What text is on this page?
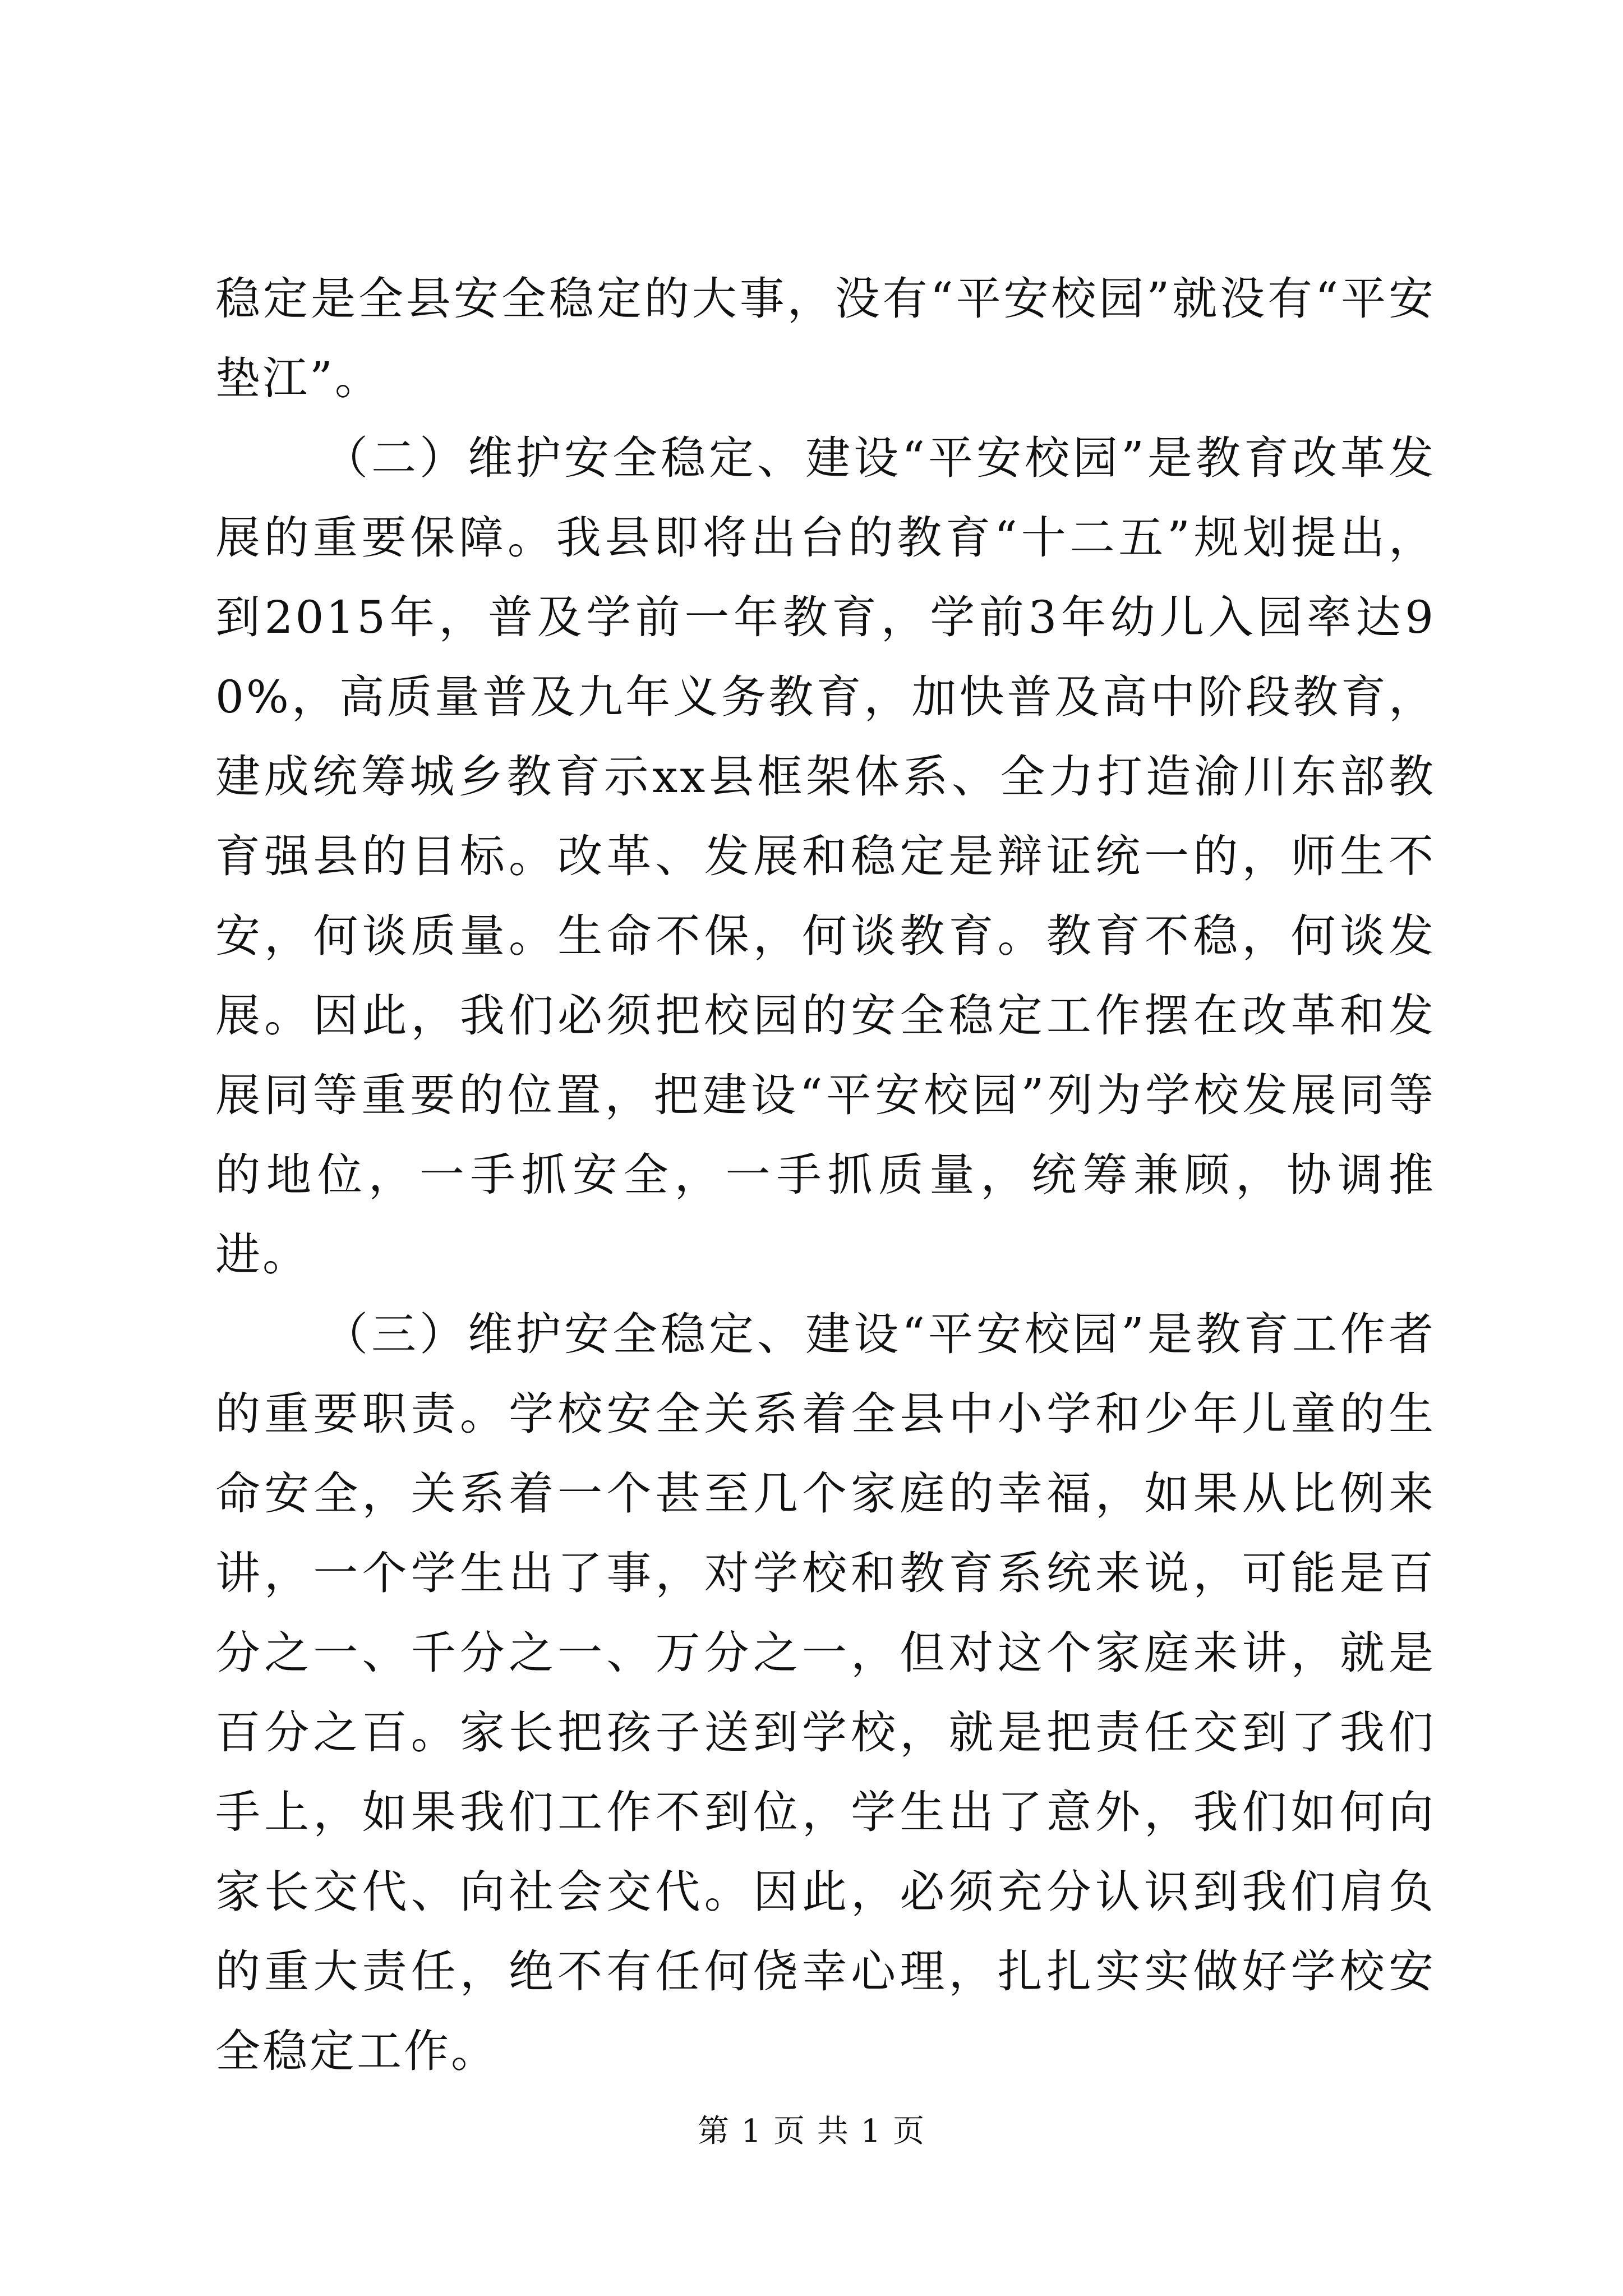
稳定是全县安全稳定的大事，没有“平安校园”就没有“平安垫江”。

（二）维护安全稳定、建设“平安校园”是教育改革发展的重要保障。我县即将出台的教育“十二五”规划提出，到2015年，普及学前一年教育，学前3年幼儿入园率达90%，高质量普及九年义务教育，加快普及高中阶段教育，建成统筹城乡教育示xx县框架体系、全力打造渝川东部教育强县的目标。改革、发展和稳定是辩证统一的，师生不安，何谈质量。生命不保，何谈教育。教育不稳，何谈发展。因此，我们必须把校园的安全稳定工作摆在改革和发展同等重要的位置，把建设“平安校园”列为学校发展同等的地位，一手抓安全，一手抓质量，统筹兼顾，协调推进。

（三）维护安全稳定、建设“平安校园”是教育工作者的重要职责。学校安全关系着全县中小学和少年儿童的生命安全，关系着一个甚至几个家庭的幸福，如果从比例来讲，一个学生出了事，对学校和教育系统来说，可能是百分之一、千分之一、万分之一，但对这个家庭来讲，就是百分之百。家长把孩子送到学校，就是把责任交到了我们手上，如果我们工作不到位，学生出了意外，我们如何向家长交代、向社会交代。因此，必须充分认识到我们肩负的重大责任，绝不有任何侥幸心理，扎扎实实做好学校安全稳定工作。

第 1 页 共 1 页
